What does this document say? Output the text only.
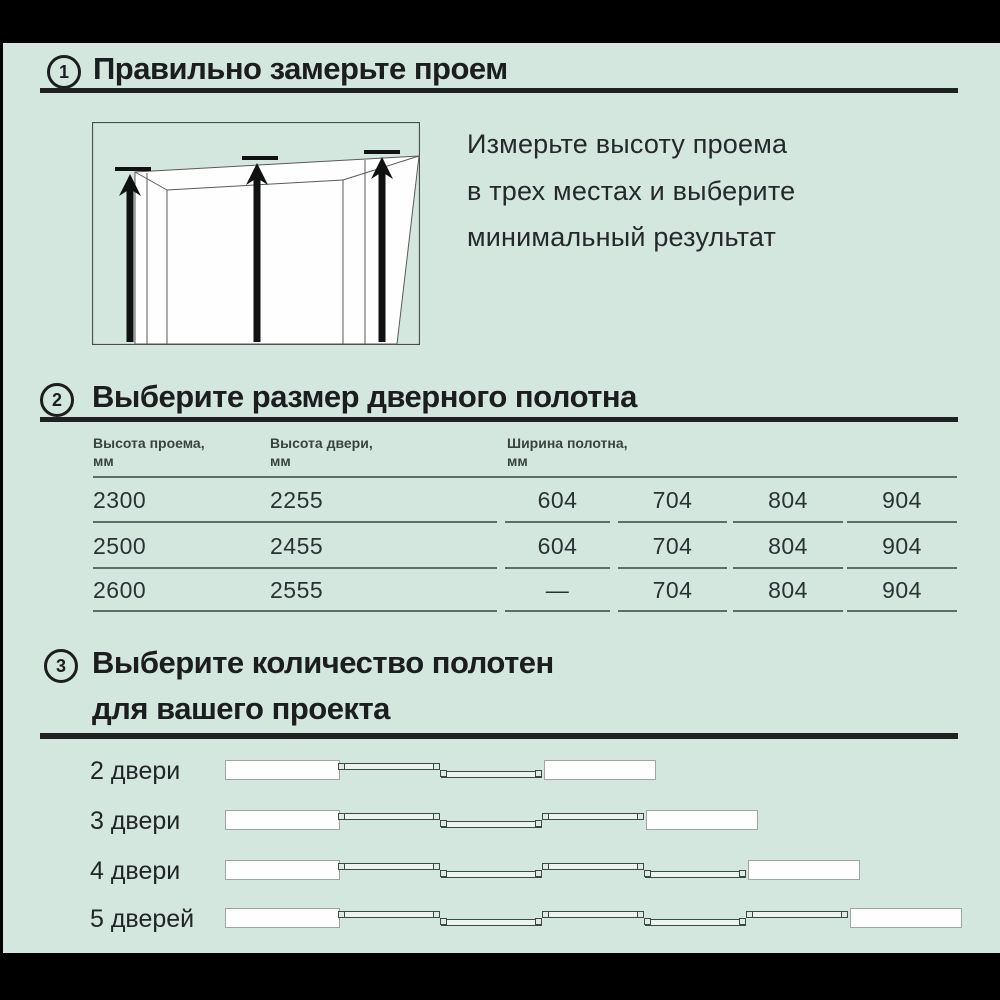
1 Правильно замерьте проем
Измерьте высоту проема
в трех местах и выберите
минимальный результат
2 Выберите размер дверного полотна
Высота проема,
мм
Высота двери,
мм
Ширина полотна,
мм
2300	2255	604	704	804	904
2500	2455	604	704	804	904
2600	2555	—	704	804	904
3 Выберите количество полотен
для вашего проекта
2 двери
3 двери
4 двери
5 дверей
